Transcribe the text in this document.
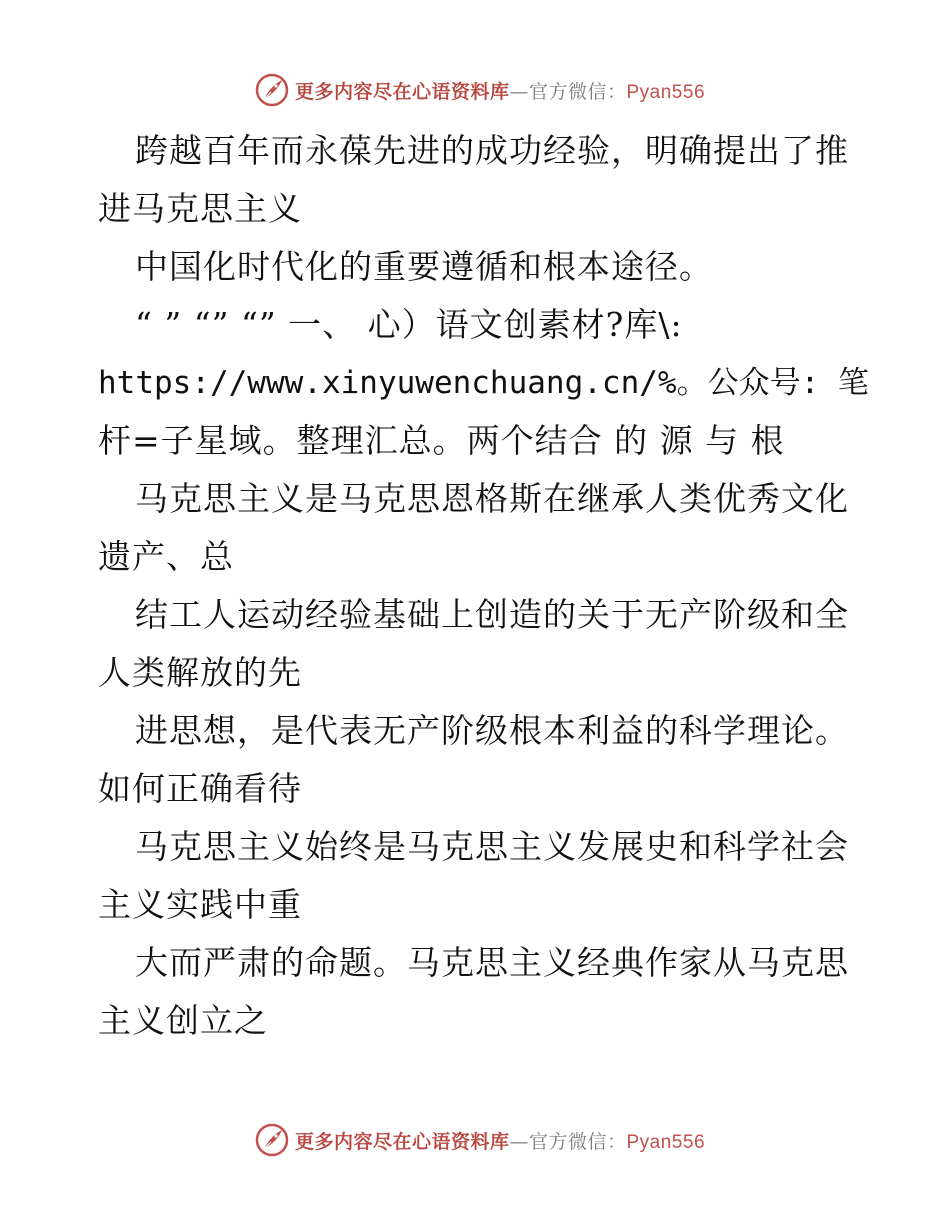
更多内容尽在心语资料库—官方微信：Pyan556
跨越百年而永葆先进的成功经验，明确提出了推
进马克思主义
中国化时代化的重要遵循和根本途径。
“ ” “” “” 一、 心）语文创素材?库\:
https://www.xinyuwenchuang.cn/%。公众号: 笔
杆=子星域。整理汇总。两个结合 的 源 与 根
马克思主义是马克思恩格斯在继承人类优秀文化
遗产、总
结工人运动经验基础上创造的关于无产阶级和全
人类解放的先
进思想，是代表无产阶级根本利益的科学理论。
如何正确看待
马克思主义始终是马克思主义发展史和科学社会
主义实践中重
大而严肃的命题。马克思主义经典作家从马克思
主义创立之
更多内容尽在心语资料库—官方微信：Pyan556
